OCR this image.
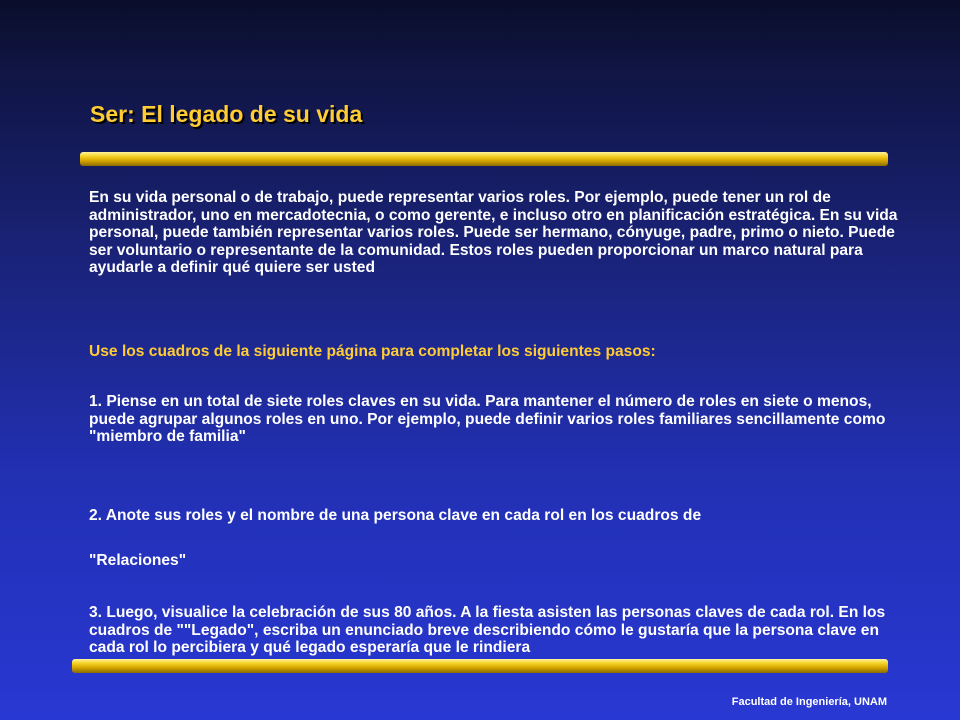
Ser: El legado de su vida

En su vida personal o de trabajo, puede representar varios roles. Por ejemplo, puede tener un rol de administrador, uno en mercadotecnia, o como gerente, e incluso otro en planificación estratégica. En su vida personal, puede también representar varios roles. Puede ser hermano, cónyuge, padre, primo o nieto. Puede ser voluntario o representante de la comunidad. Estos roles pueden proporcionar un marco natural para ayudarle a definir qué quiere ser usted

Use los cuadros de la siguiente página para completar los siguientes pasos:

1. Piense en un total de siete roles claves en su vida. Para mantener el número de roles en siete o menos, puede agrupar algunos roles en uno. Por ejemplo, puede definir varios roles familiares sencillamente como "miembro de familia"

2. Anote sus roles y el nombre de una persona clave en cada rol en los cuadros de

"Relaciones"

3. Luego, visualice la celebración de sus 80 años. A la fiesta asisten las personas claves de cada rol. En los cuadros de ""Legado", escriba un enunciado breve describiendo cómo le gustaría que la persona clave en cada rol lo percibiera y qué legado esperaría que le rindiera

Facultad de Ingeniería, UNAM
